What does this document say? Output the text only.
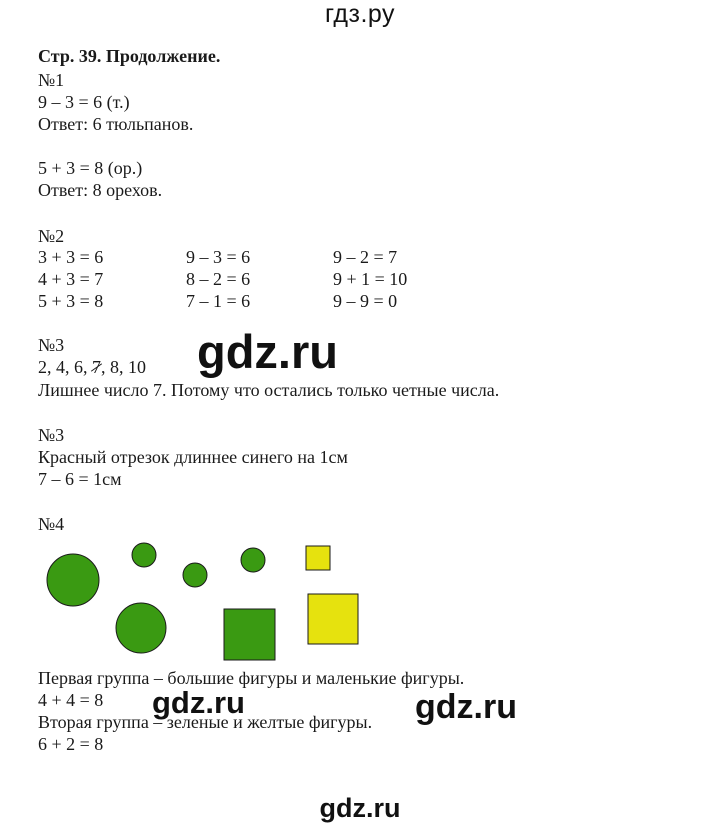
гдз.ру
Стр. 39. Продолжение.
№1
9 – 3 = 6 (т.)
Ответ: 6 тюльпанов.
5 + 3 = 8 (ор.)
Ответ: 8 орехов.
№2
3 + 3 = 6	9 – 3 = 6	9 – 2 = 7
4 + 3 = 7	8 – 2 = 6	9 + 1 = 10
5 + 3 = 8	7 – 1 = 6	9 – 9 = 0
№3
2, 4, 6, 7, 8, 10
Лишнее число 7. Потому что остались только четные числа.
gdz.ru
№3
Красный отрезок длиннее синего на 1см
7 – 6 = 1см
№4
Первая группа – большие фигуры и маленькие фигуры.
4 + 4 = 8
Вторая группа – зеленые и желтые фигуры.
6 + 2 = 8
gdz.ru	gdz.ru
gdz.ru
